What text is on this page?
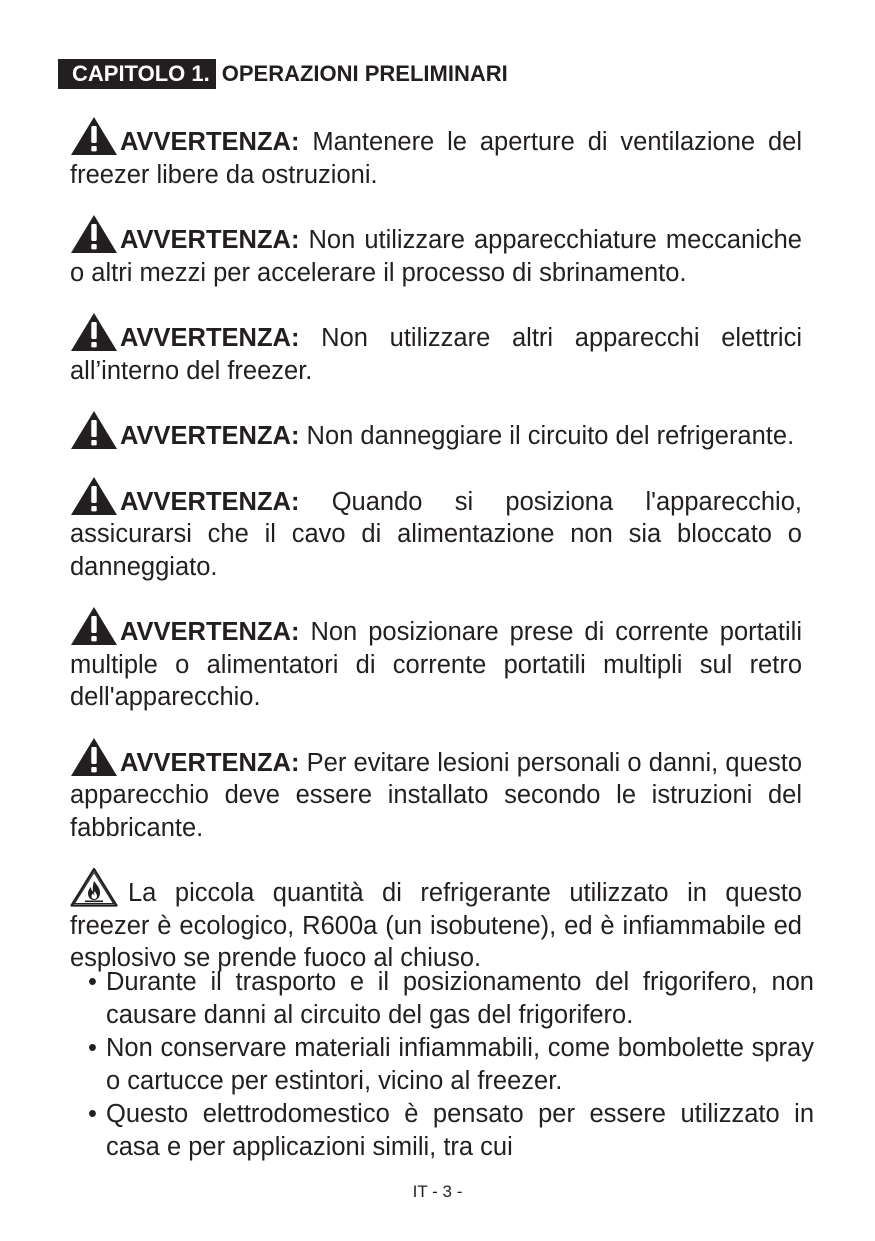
CAPITOLO 1. OPERAZIONI PRELIMINARI

AVVERTENZA: Mantenere le aperture di ventilazione del freezer libere da ostruzioni.

AVVERTENZA: Non utilizzare apparecchiature meccaniche o altri mezzi per accelerare il processo di sbrinamento.

AVVERTENZA: Non utilizzare altri apparecchi elettrici all’interno del freezer.

AVVERTENZA: Non danneggiare il circuito del refrigerante.

AVVERTENZA: Quando si posiziona l'apparecchio, assicurarsi che il cavo di alimentazione non sia bloccato o danneggiato.

AVVERTENZA: Non posizionare prese di corrente portatili multiple o alimentatori di corrente portatili multipli sul retro dell'apparecchio.

AVVERTENZA: Per evitare lesioni personali o danni, questo apparecchio deve essere installato secondo le istruzioni del fabbricante.

La piccola quantità di refrigerante utilizzato in questo freezer è ecologico, R600a (un isobutene), ed è infiammabile ed esplosivo se prende fuoco al chiuso.

• Durante il trasporto e il posizionamento del frigorifero, non causare danni al circuito del gas del frigorifero.
• Non conservare materiali infiammabili, come bombolette spray o cartucce per estintori, vicino al freezer.
• Questo elettrodomestico è pensato per essere utilizzato in casa e per applicazioni simili, tra cui
IT - 3 -
